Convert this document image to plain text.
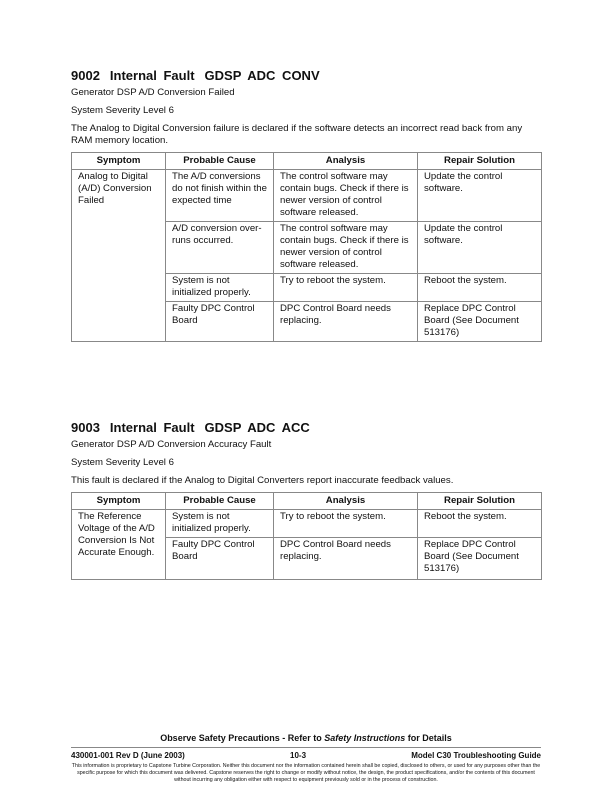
9002 Internal Fault GDSP ADC CONV

Generator DSP A/D Conversion Failed

System Severity Level 6

The Analog to Digital Conversion failure is declared if the software detects an incorrect read back from any RAM memory location.

Symptom	Probable Cause	Analysis	Repair Solution
Analog to Digital (A/D) Conversion Failed	The A/D conversions do not finish within the expected time	The control software may contain bugs. Check if there is newer version of control software released.	Update the control software.
	A/D conversion over-runs occurred.	The control software may contain bugs. Check if there is newer version of control software released.	Update the control software.
	System is not initialized properly.	Try to reboot the system.	Reboot the system.
	Faulty DPC Control Board	DPC Control Board needs replacing.	Replace DPC Control Board (See Document 513176)
9003 Internal Fault GDSP ADC ACC

Generator DSP A/D Conversion Accuracy Fault

System Severity Level 6

This fault is declared if the Analog to Digital Converters report inaccurate feedback values.

Symptom	Probable Cause	Analysis	Repair Solution
The Reference Voltage of the A/D Conversion Is Not Accurate Enough.	System is not initialized properly.	Try to reboot the system.	Reboot the system.
	Faulty DPC Control Board	DPC Control Board needs replacing.	Replace DPC Control Board (See Document 513176)
Observe Safety Precautions - Refer to Safety Instructions for Details
430001-001 Rev D (June 2003)	10-3	Model C30 Troubleshooting Guide
This information is proprietary to Capstone Turbine Corporation. Neither this document nor the information contained herein shall be copied, disclosed to others, or used for any purposes other than the specific purpose for which this document was delivered. Capstone reserves the right to change or modify without notice, the design, the product specifications, and/or the contents of this document without incurring any obligation either with respect to equipment previously sold or in the process of construction.
